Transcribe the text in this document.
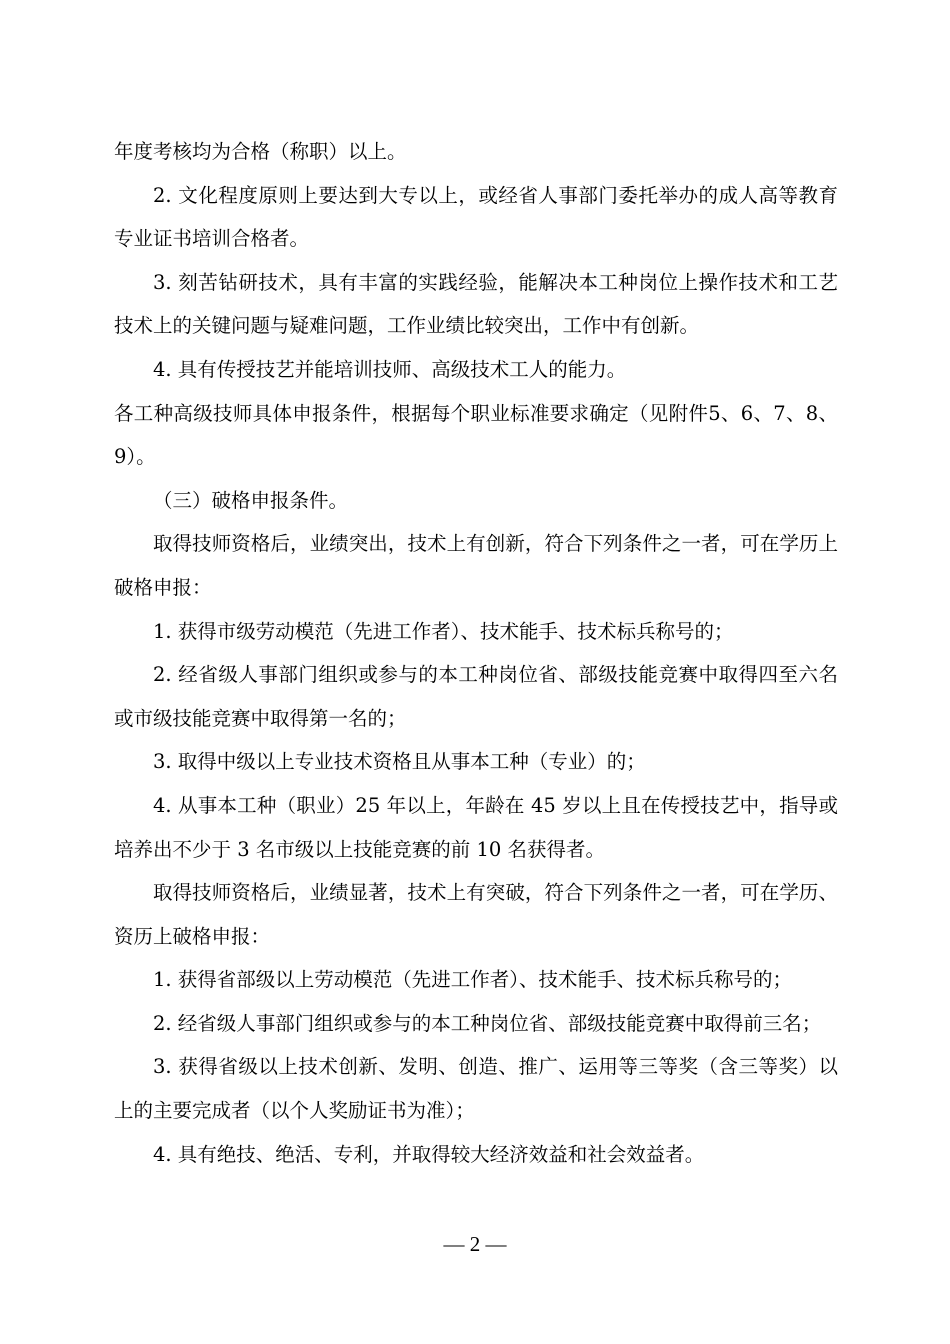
年度考核均为合格（称职）以上。

2. 文化程度原则上要达到大专以上，或经省人事部门委托举办的成人高等教育专业证书培训合格者。

3. 刻苦钻研技术，具有丰富的实践经验，能解决本工种岗位上操作技术和工艺技术上的关键问题与疑难问题，工作业绩比较突出，工作中有创新。

4. 具有传授技艺并能培训技师、高级技术工人的能力。

各工种高级技师具体申报条件，根据每个职业标准要求确定（见附件5、6、7、8、9）。

（三）破格申报条件。

取得技师资格后，业绩突出，技术上有创新，符合下列条件之一者，可在学历上破格申报：

1. 获得市级劳动模范（先进工作者）、技术能手、技术标兵称号的；

2. 经省级人事部门组织或参与的本工种岗位省、部级技能竞赛中取得四至六名或市级技能竞赛中取得第一名的；

3. 取得中级以上专业技术资格且从事本工种（专业）的；

4. 从事本工种（职业）25 年以上，年龄在 45 岁以上且在传授技艺中，指导或培养出不少于 3 名市级以上技能竞赛的前 10 名获得者。

取得技师资格后，业绩显著，技术上有突破，符合下列条件之一者，可在学历、资历上破格申报：

1. 获得省部级以上劳动模范（先进工作者）、技术能手、技术标兵称号的；

2. 经省级人事部门组织或参与的本工种岗位省、部级技能竞赛中取得前三名；

3. 获得省级以上技术创新、发明、创造、推广、运用等三等奖（含三等奖）以上的主要完成者（以个人奖励证书为准）；

4. 具有绝技、绝活、专利，并取得较大经济效益和社会效益者。

— 2 —
